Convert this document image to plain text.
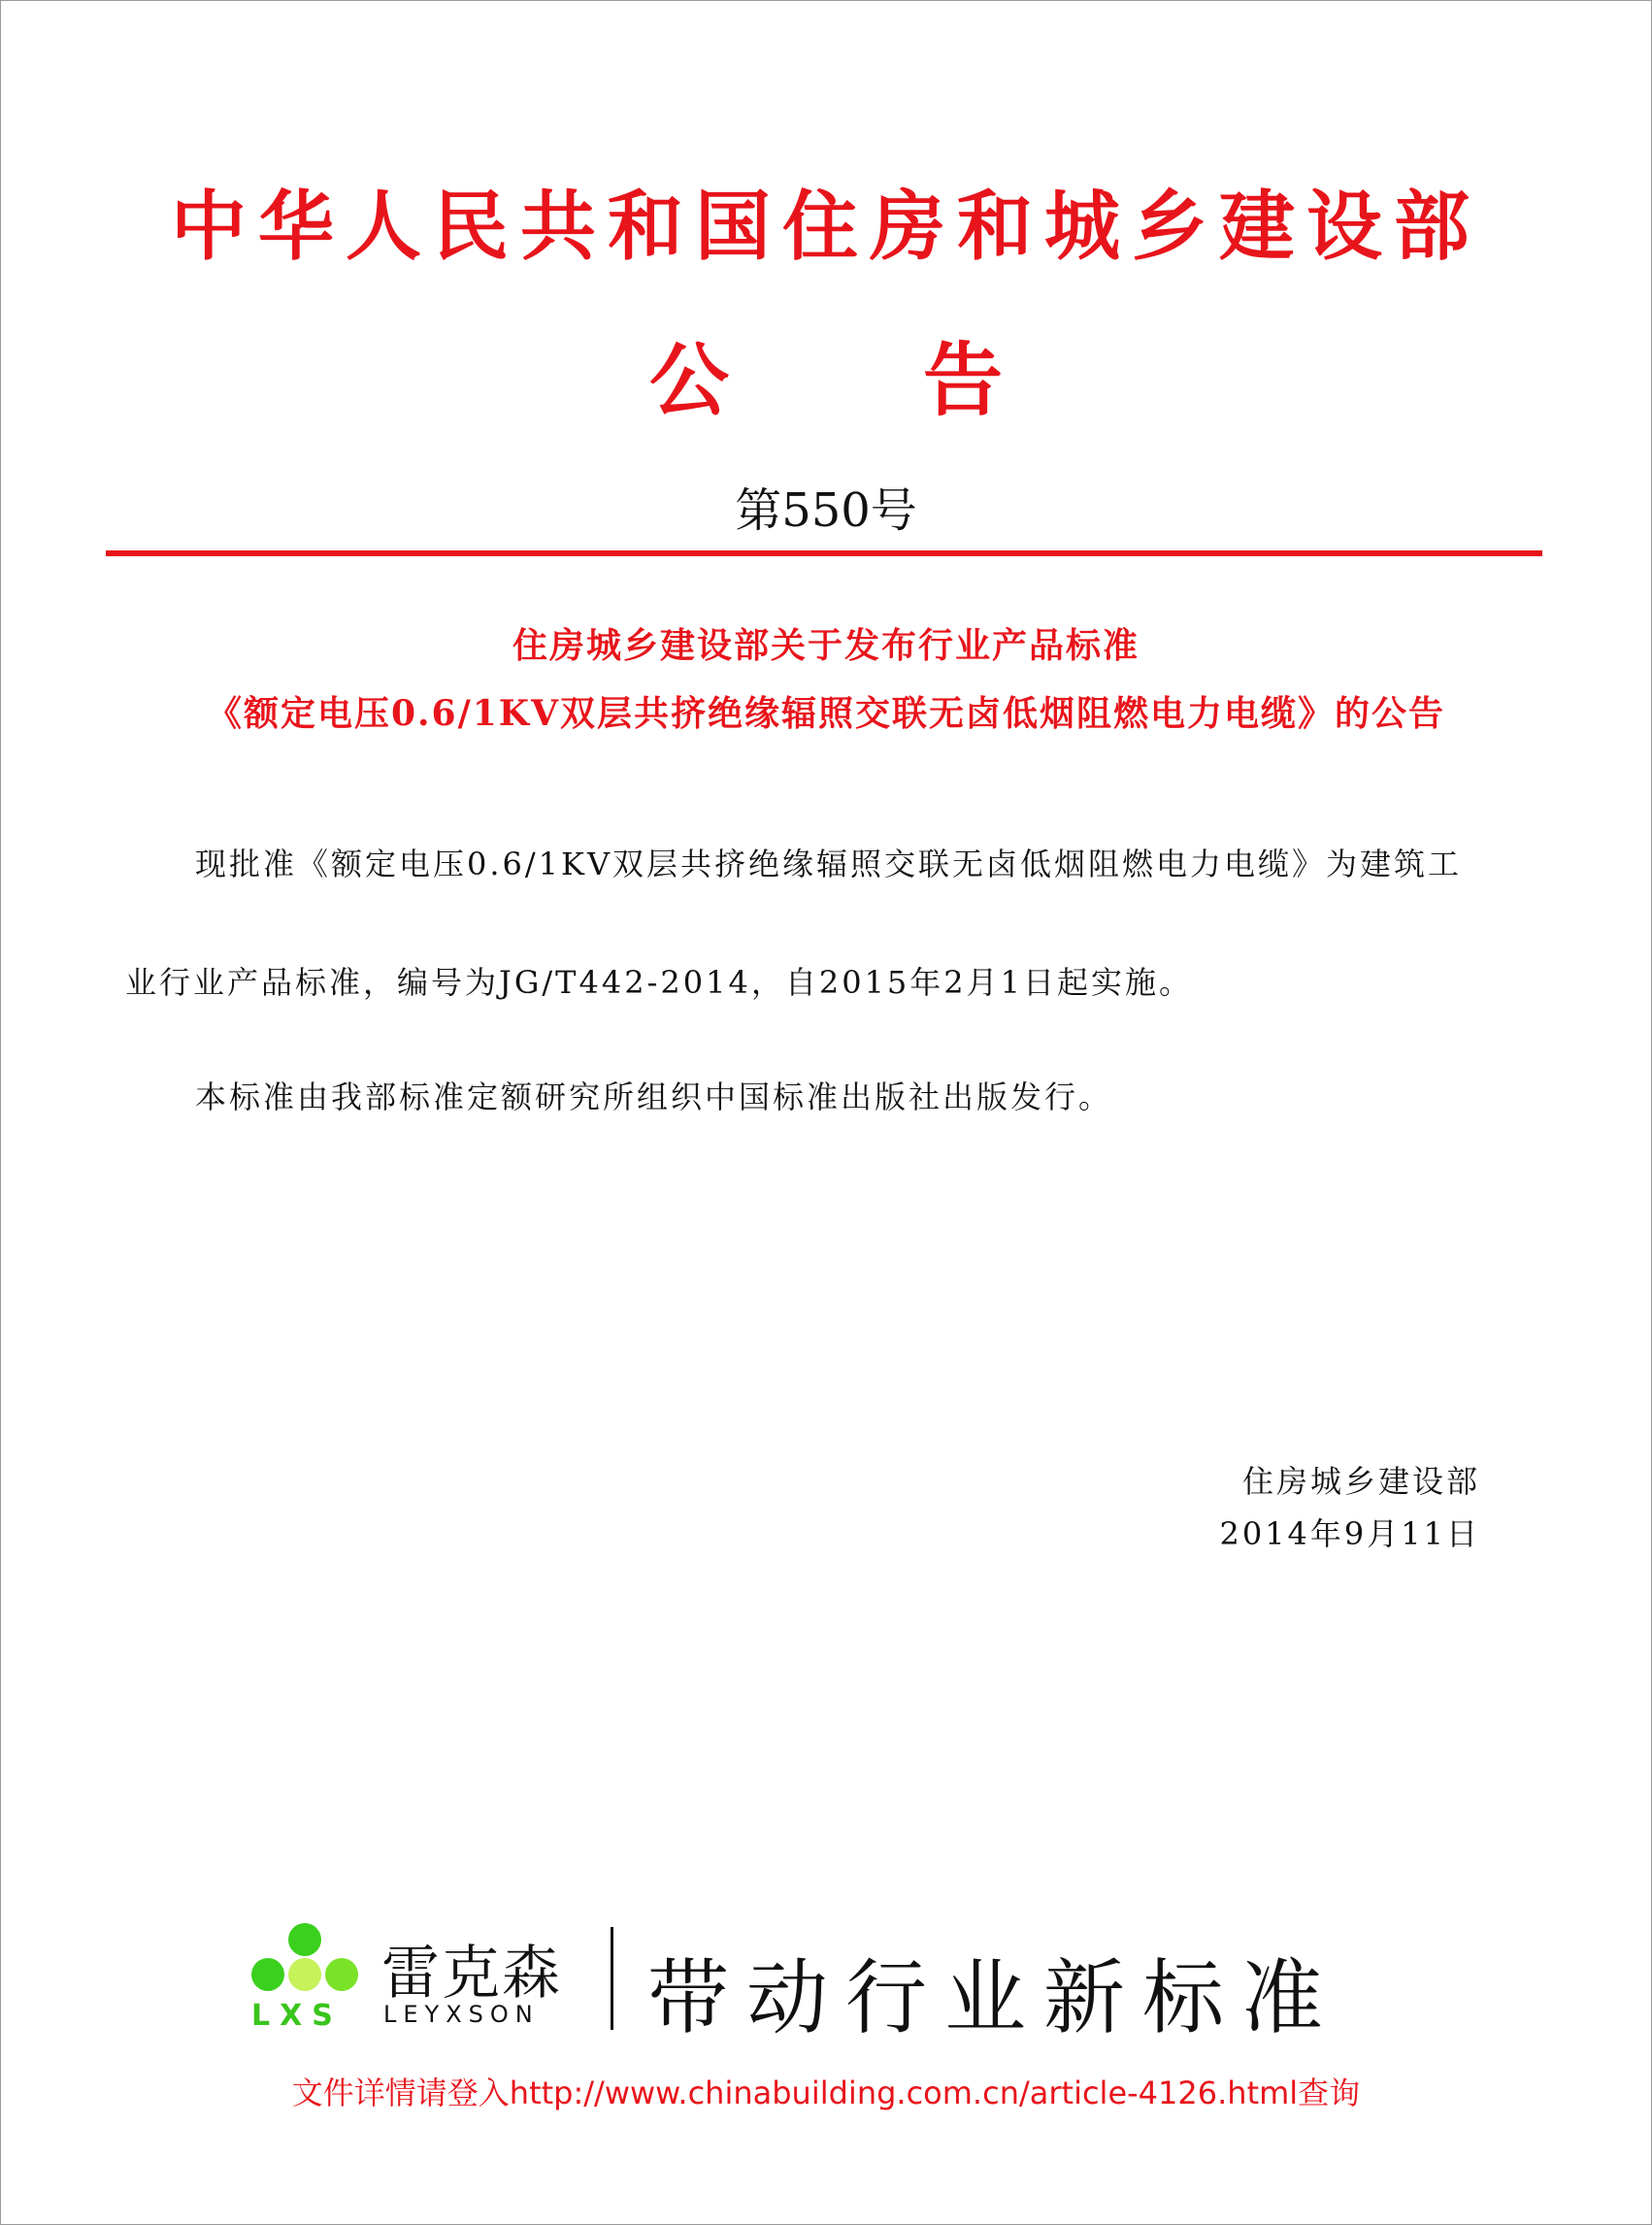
中华人民共和国住房和城乡建设部
公告
第550号
住房城乡建设部关于发布行业产品标准
《额定电压0.6/1KV双层共挤绝缘辐照交联无卤低烟阻燃电力电缆》的公告
现批准《额定电压0.6/1KV双层共挤绝缘辐照交联无卤低烟阻燃电力电缆》为建筑工
业行业产品标准，编号为JG/T442-2014，自2015年2月1日起实施。
本标准由我部标准定额研究所组织中国标准出版社出版发行。
住房城乡建设部
2014年9月11日
LXS
雷克森
LEYXSON 带动行业新标准
文件详情请登入http://www.chinabuilding.com.cn/article-4126.html查询
